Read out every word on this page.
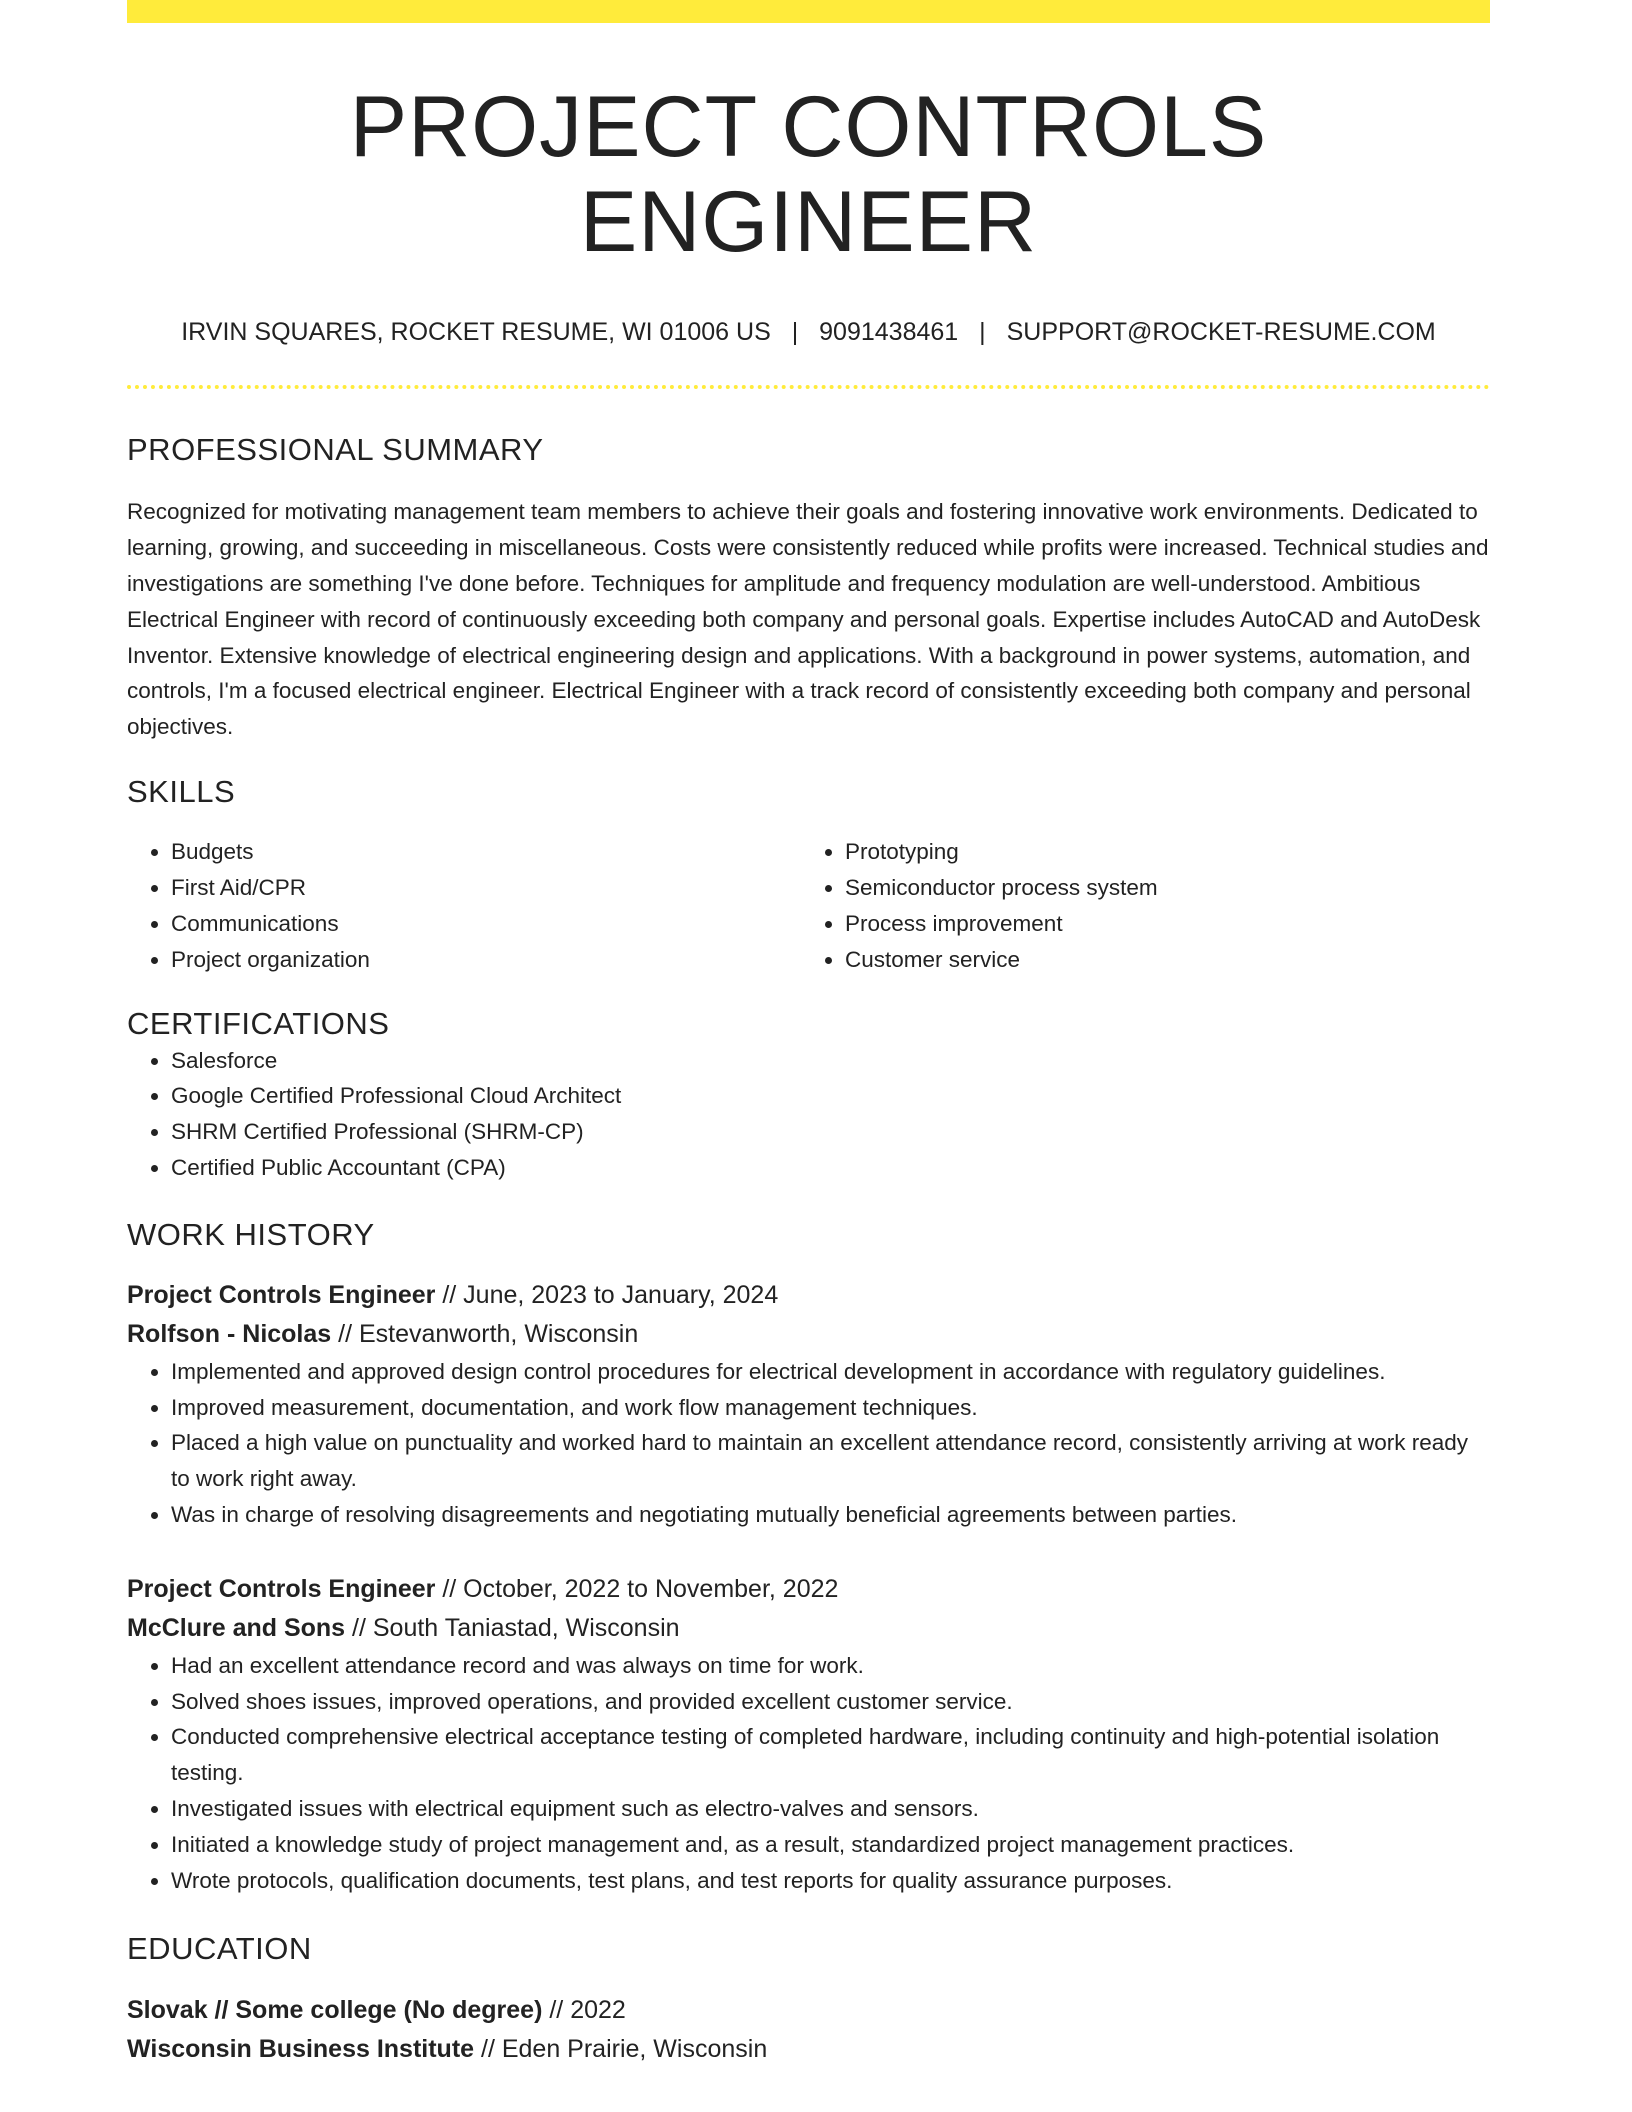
PROJECT CONTROLS ENGINEER
IRVIN SQUARES, ROCKET RESUME, WI 01006 US | 9091438461 | SUPPORT@ROCKET-RESUME.COM
PROFESSIONAL SUMMARY
Recognized for motivating management team members to achieve their goals and fostering innovative work environments. Dedicated to learning, growing, and succeeding in miscellaneous. Costs were consistently reduced while profits were increased. Technical studies and investigations are something I've done before. Techniques for amplitude and frequency modulation are well-understood. Ambitious Electrical Engineer with record of continuously exceeding both company and personal goals. Expertise includes AutoCAD and AutoDesk Inventor. Extensive knowledge of electrical engineering design and applications. With a background in power systems, automation, and controls, I'm a focused electrical engineer. Electrical Engineer with a track record of consistently exceeding both company and personal objectives.
SKILLS
• Budgets
• First Aid/CPR
• Communications
• Project organization
• Prototyping
• Semiconductor process system
• Process improvement
• Customer service
CERTIFICATIONS
• Salesforce
• Google Certified Professional Cloud Architect
• SHRM Certified Professional (SHRM-CP)
• Certified Public Accountant (CPA)
WORK HISTORY
Project Controls Engineer // June, 2023 to January, 2024
Rolfson - Nicolas // Estevanworth, Wisconsin
• Implemented and approved design control procedures for electrical development in accordance with regulatory guidelines.
• Improved measurement, documentation, and work flow management techniques.
• Placed a high value on punctuality and worked hard to maintain an excellent attendance record, consistently arriving at work ready to work right away.
• Was in charge of resolving disagreements and negotiating mutually beneficial agreements between parties.
Project Controls Engineer // October, 2022 to November, 2022
McClure and Sons // South Taniastad, Wisconsin
• Had an excellent attendance record and was always on time for work.
• Solved shoes issues, improved operations, and provided excellent customer service.
• Conducted comprehensive electrical acceptance testing of completed hardware, including continuity and high-potential isolation testing.
• Investigated issues with electrical equipment such as electro-valves and sensors.
• Initiated a knowledge study of project management and, as a result, standardized project management practices.
• Wrote protocols, qualification documents, test plans, and test reports for quality assurance purposes.
EDUCATION
Slovak // Some college (No degree) // 2022
Wisconsin Business Institute // Eden Prairie, Wisconsin
